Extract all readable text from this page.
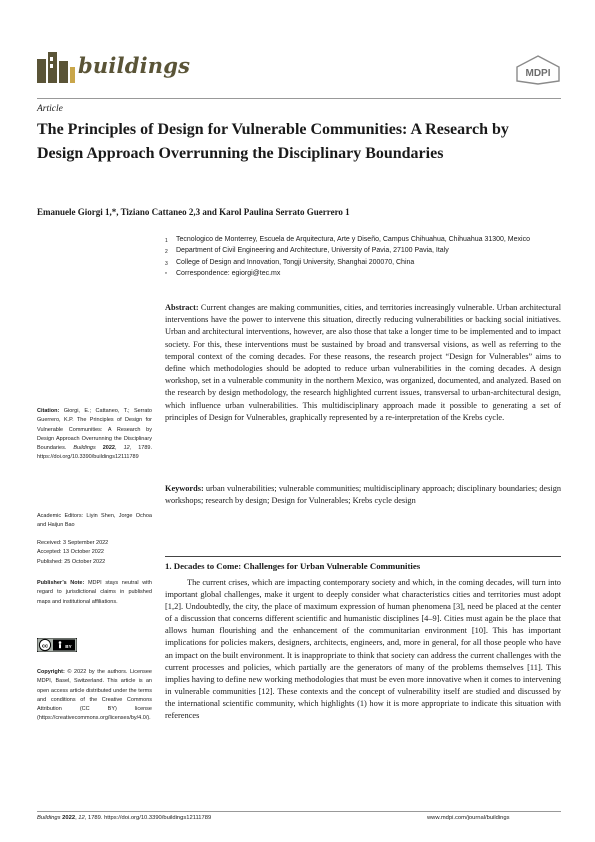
buildings	MDPI
Article
The Principles of Design for Vulnerable Communities: A Research by Design Approach Overrunning the Disciplinary Boundaries
Emanuele Giorgi 1,*, Tiziano Cattaneo 2,3 and Karol Paulina Serrato Guerrero 1
1	Tecnologico de Monterrey, Escuela de Arquitectura, Arte y Diseño, Campus Chihuahua, Chihuahua 31300, Mexico
2	Department of Civil Engineering and Architecture, University of Pavia, 27100 Pavia, Italy
3	College of Design and Innovation, Tongji University, Shanghai 200070, China
*	Correspondence: egiorgi@tec.mx
Abstract: Current changes are making communities, cities, and territories increasingly vulnerable. Urban architectural interventions have the power to intervene this situation, directly reducing vulnerabilities or backing social initiatives. Urban and architectural interventions, however, are also those that take a longer time to be implemented and to impact society. For this, these interventions must be sustained by broad and transversal visions, as well as referring to the temporal context of the coming decades. For these reasons, the research project “Design for Vulnerables” aims to define which methodologies should be adopted to reduce urban vulnerabilities in the coming decades. A design workshop, set in a vulnerable community in the northern Mexico, was organized, documented, and analyzed. Based on the research by design methodology, the research highlighted current issues, transversal to urban-architectural design, which influence urban vulnerabilities. This multidisciplinary approach made it possible to generating a set of principles of Design for Vulnerables, graphically represented by a re-interpretation of the Krebs cycle.
Keywords: urban vulnerabilities; vulnerable communities; multidisciplinary approach; disciplinary boundaries; design workshops; research by design; Design for Vulnerables; Krebs cycle design
Citation: Giorgi, E.; Cattaneo, T.; Serrato Guerrero, K.P. The Principles of Design for Vulnerable Communities: A Research by Design Approach Overrunning the Disciplinary Boundaries. Buildings 2022, 12, 1789. https://doi.org/10.3390/buildings12111789
Academic Editors: Liyin Shen, Jorge Ochoa and Haijun Bao
Received: 3 September 2022
Accepted: 13 October 2022
Published: 25 October 2022
Publisher’s Note: MDPI stays neutral with regard to jurisdictional claims in published maps and institutional affiliations.
cc	BY
Copyright: © 2022 by the authors. Licensee MDPI, Basel, Switzerland. This article is an open access article distributed under the terms and conditions of the Creative Commons Attribution (CC BY) license (https://creativecommons.org/licenses/by/4.0/).
1. Decades to Come: Challenges for Urban Vulnerable Communities

The current crises, which are impacting contemporary society and which, in the coming decades, will turn into important global challenges, make it urgent to deeply consider what characteristics cities and territories must adopt [1,2]. Undoubtedly, the city, the place of maximum expression of human phenomena [3], need be placed at the center of a discussion that concerns different scientific and humanistic disciplines [4–9]. Cities must again be the place that allows human flourishing and the enhancement of the communitarian environment [10]. This has important implications for policies makers, designers, architects, engineers, and, more in general, for all those people who have an impact on the built environment. It is inappropriate to think that society can address the current challenges with the current processes and policies, which partially are the generators of many of the problems themselves [11]. This implies having to define new working methodologies that must be even more innovative when it comes to intervening in vulnerable communities [12]. These contexts and the concept of vulnerability itself are studied and discussed by the international scientific community, which highlights (1) how it is more appropriate to indicate this situation with references

Buildings 2022, 12, 1789. https://doi.org/10.3390/buildings12111789	www.mdpi.com/journal/buildings
